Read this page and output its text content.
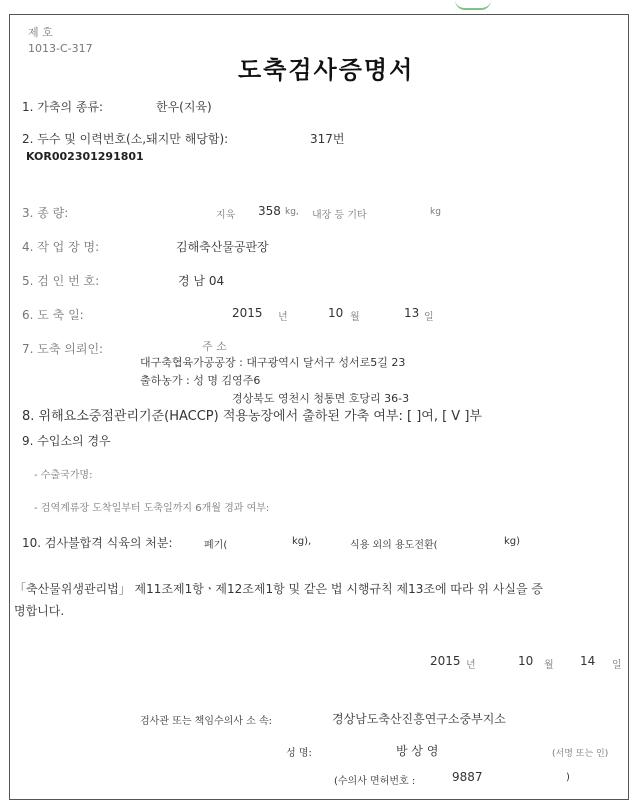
제 호
1013-C-317
도축검사증명서
1. 가축의 종류:	한우(지육)
2. 두수 및 이력번호(소,돼지만 해당함):	317번
KOR002301291801
3. 종 량:	지육 358 kg, 내장 등 기타	kg
4. 작 업 장 명:	김해축산물공판장
5. 검 인 번 호:	경 남 04
6. 도 축 일:	2015 년	10 월	13 일
7. 도축 의뢰인:	주 소
대구축협육가공공장 : 대구광역시 달서구 성서로5길 23
출하농가 : 성 명 김영주6
경상북도 영천시 청통면 호당리 36-3
8. 위해요소중점관리기준(HACCP) 적용농장에서 출하된 가축 여부: [ ]여, [ V ]부
9. 수입소의 경우
- 수출국가명:
- 검역계류장 도착일부터 도축일까지 6개월 경과 여부:
10. 검사불합격 식육의 처분:	폐기(	kg),	식용 외의 용도전환(	kg)
「축산물위생관리법」 제11조제1항ㆍ제12조제1항 및 같은 법 시행규칙 제13조에 따라 위 사실을 증
명합니다.
2015 년	10 월 14 일
검사관 또는 책임수의사 소 속:	경상남도축산진흥연구소중부지소
성 명:	방 상 영	(서명 또는 인)
(수의사 면허번호 :	9887	)
